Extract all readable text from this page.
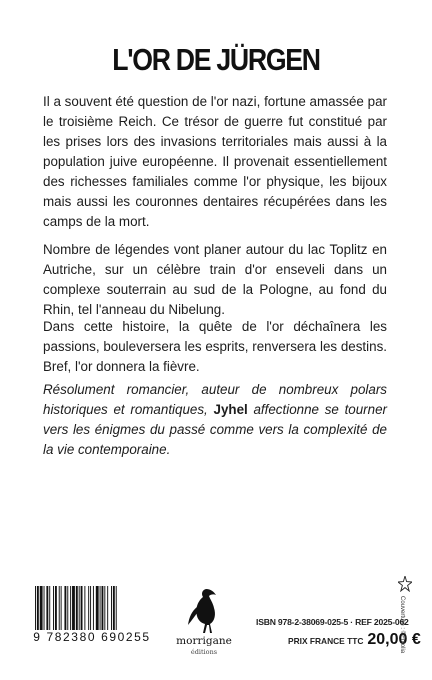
L'OR DE JÜRGEN
Il a souvent été question de l'or nazi, fortune amassée par le troisième Reich. Ce trésor de guerre fut constitué par les prises lors des invasions territoriales mais aussi à la population juive européenne. Il provenait essentiellement des richesses familiales comme l'or physique, les bijoux mais aussi les couronnes dentaires récupérées dans les camps de la mort.
Nombre de légendes vont planer autour du lac Toplitz en Autriche, sur un célèbre train d'or enseveli dans un complexe souterrain au sud de la Pologne, au fond du Rhin, tel l'anneau du Nibelung.
Dans cette histoire, la quête de l'or déchaînera les passions, bouleversera les esprits, renversera les destins. Bref, l'or donnera la fièvre.
Résolument romancier, auteur de nombreux polars historiques et romantiques, Jyhel affectionne se tourner vers les énigmes du passé comme vers la complexité de la vie contemporaine.
9 782380 690255	morrigane
éditions
ISBN 978-2-38069-025-5 · REF 2025-062
PRIX FRANCE TTC 20,00 €
Couverture : ©Fotolia
